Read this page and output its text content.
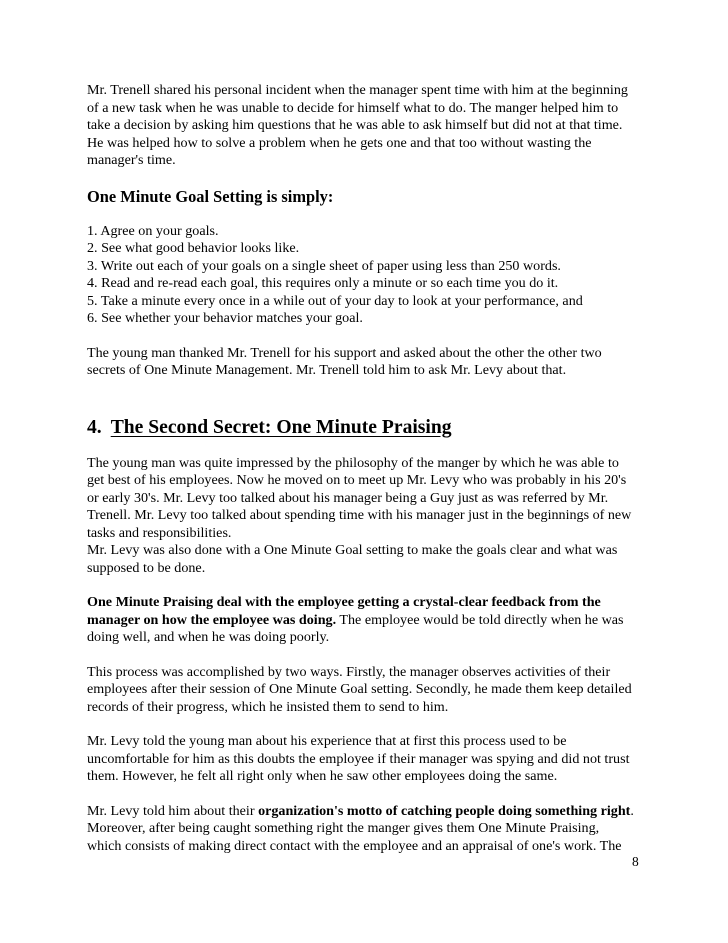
Mr. Trenell shared his personal incident when the manager spent time with him at the beginning
of a new task when he was unable to decide for himself what to do. The manger helped him to
take a decision by asking him questions that he was able to ask himself but did not at that time.
He was helped how to solve a problem when he gets one and that too without wasting the
manager's time.

One Minute Goal Setting is simply:

1. Agree on your goals.
2. See what good behavior looks like.
3. Write out each of your goals on a single sheet of paper using less than 250 words.
4. Read and re-read each goal, this requires only a minute or so each time you do it.
5. Take a minute every once in a while out of your day to look at your performance, and
6. See whether your behavior matches your goal.

The young man thanked Mr. Trenell for his support and asked about the other the other two
secrets of One Minute Management. Mr. Trenell told him to ask Mr. Levy about that.

4. The Second Secret: One Minute Praising

The young man was quite impressed by the philosophy of the manger by which he was able to
get best of his employees. Now he moved on to meet up Mr. Levy who was probably in his 20's
or early 30's. Mr. Levy too talked about his manager being a Guy just as was referred by Mr.
Trenell. Mr. Levy too talked about spending time with his manager just in the beginnings of new
tasks and responsibilities.
Mr. Levy was also done with a One Minute Goal setting to make the goals clear and what was
supposed to be done.

One Minute Praising deal with the employee getting a crystal-clear feedback from the
manager on how the employee was doing. The employee would be told directly when he was
doing well, and when he was doing poorly.

This process was accomplished by two ways. Firstly, the manager observes activities of their
employees after their session of One Minute Goal setting. Secondly, he made them keep detailed
records of their progress, which he insisted them to send to him.

Mr. Levy told the young man about his experience that at first this process used to be
uncomfortable for him as this doubts the employee if their manager was spying and did not trust
them. However, he felt all right only when he saw other employees doing the same.

Mr. Levy told him about their organization's motto of catching people doing something right.
Moreover, after being caught something right the manger gives them One Minute Praising,
which consists of making direct contact with the employee and an appraisal of one's work. The

8
